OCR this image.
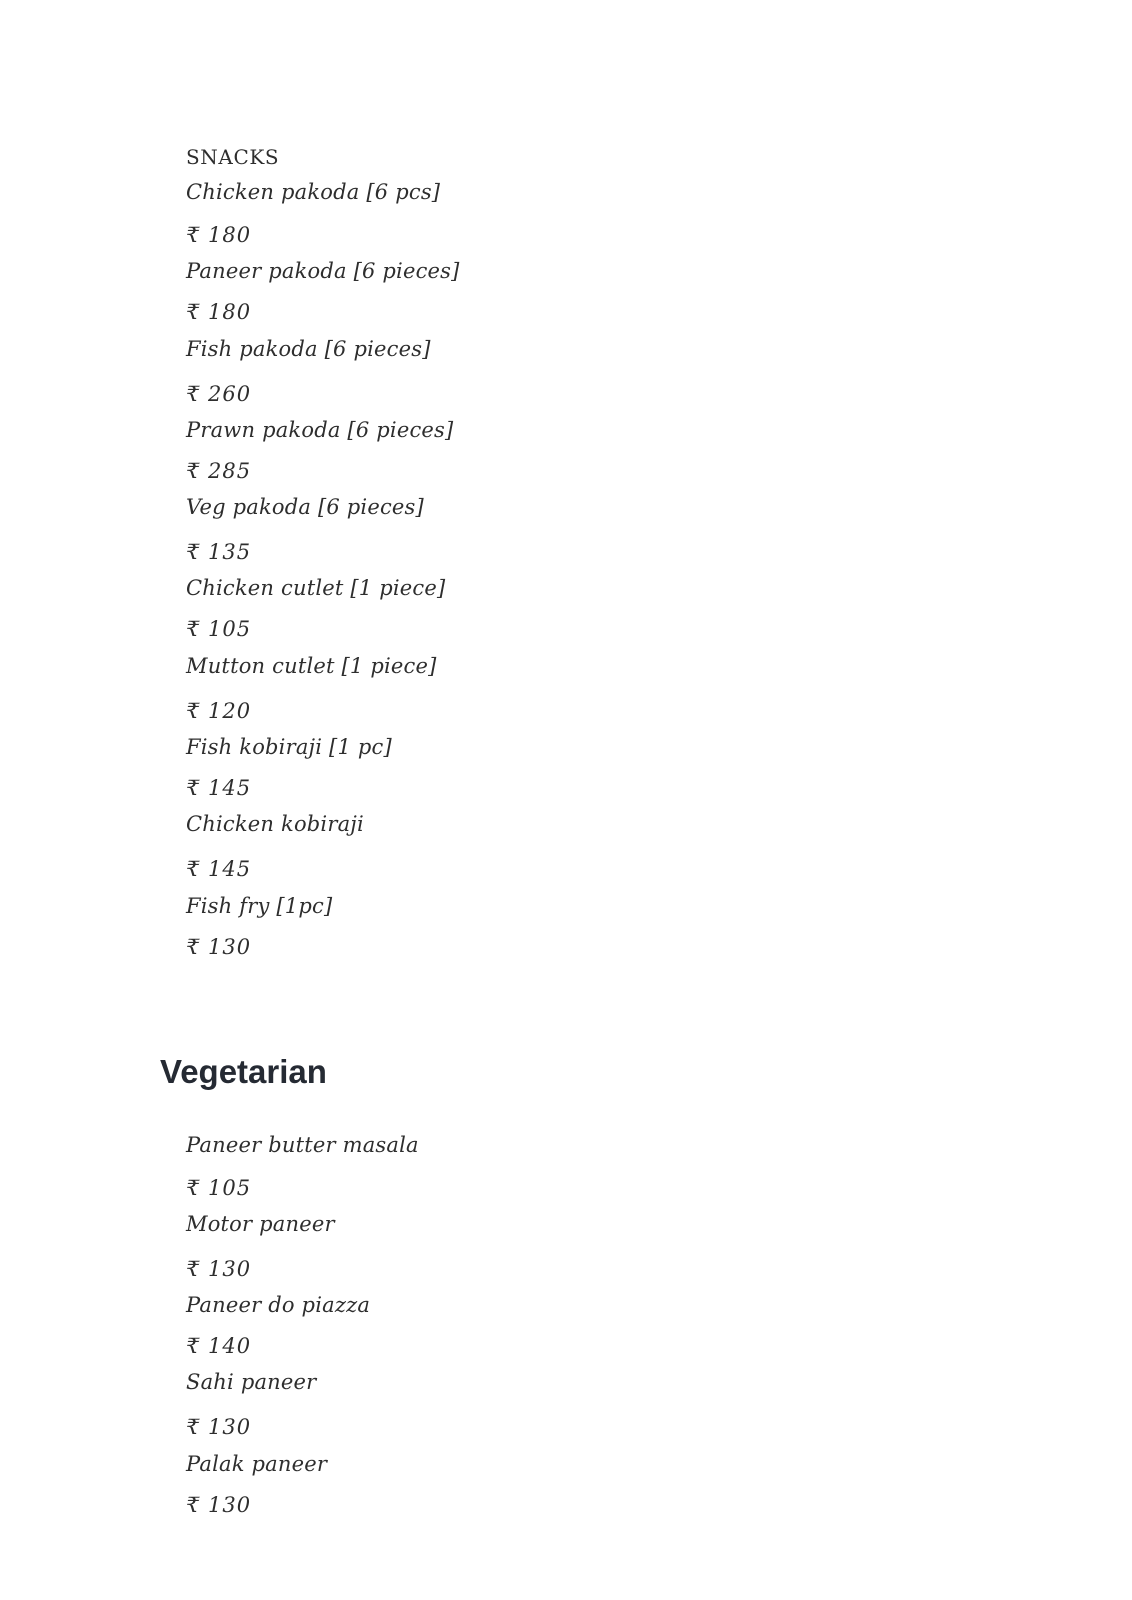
SNACKS

Chicken pakoda [6 pcs]

₹ 180

Paneer pakoda [6 pieces]

₹ 180

Fish pakoda [6 pieces]

₹ 260

Prawn pakoda [6 pieces]

₹ 285

Veg pakoda [6 pieces]

₹ 135

Chicken cutlet [1 piece]

₹ 105

Mutton cutlet [1 piece]

₹ 120

Fish kobiraji [1 pc]

₹ 145

Chicken kobiraji

₹ 145

Fish fry [1pc]

₹ 130

Vegetarian

Paneer butter masala

₹ 105

Motor paneer

₹ 130

Paneer do piazza

₹ 140

Sahi paneer

₹ 130

Palak paneer

₹ 130
